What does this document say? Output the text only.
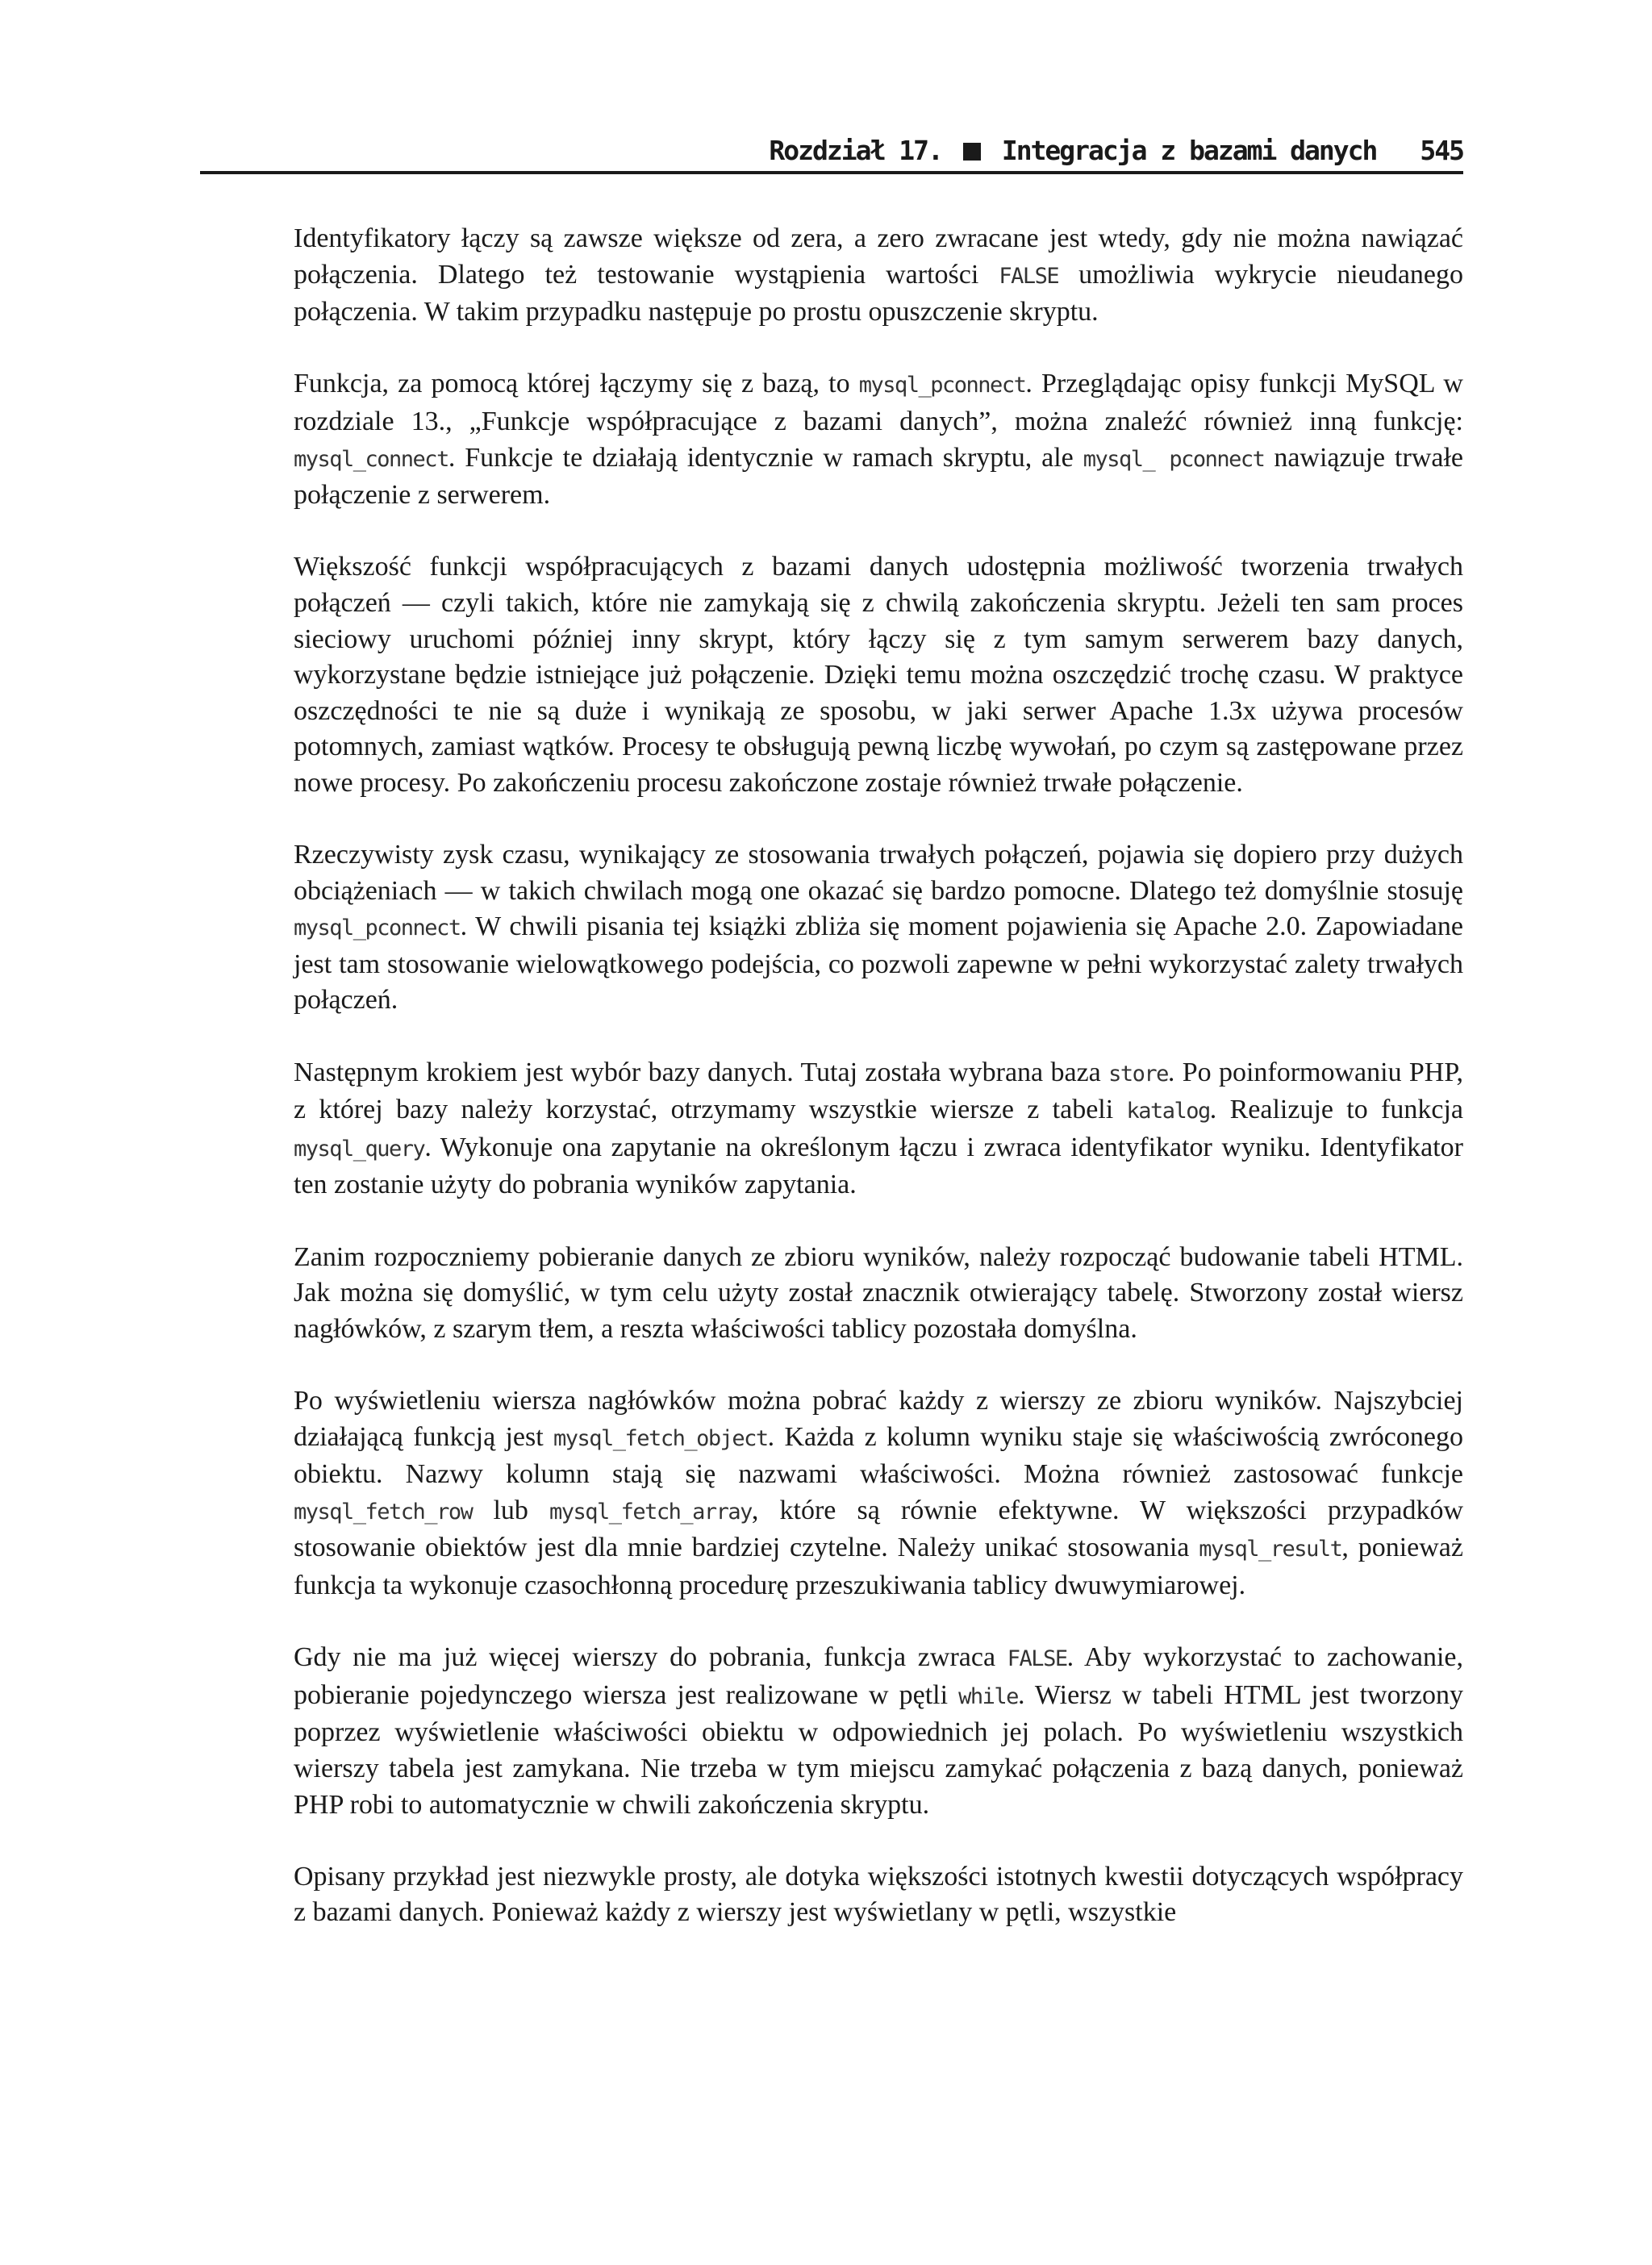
Rozdział 17. Integracja z bazami danych 545

Identyfikatory łączy są zawsze większe od zera, a zero zwracane jest wtedy, gdy nie można nawiązać połączenia. Dlatego też testowanie wystąpienia wartości FALSE umożliwia wykrycie nieudanego połączenia. W takim przypadku następuje po prostu opuszczenie skryptu.

Funkcja, za pomocą której łączymy się z bazą, to mysql_pconnect. Przeglądając opisy funkcji MySQL w rozdziale 13., „Funkcje współpracujące z bazami danych”, można znaleźć również inną funkcję: mysql_connect. Funkcje te działają identycznie w ramach skryptu, ale mysql_ pconnect nawiązuje trwałe połączenie z serwerem.

Większość funkcji współpracujących z bazami danych udostępnia możliwość tworzenia trwałych połączeń — czyli takich, które nie zamykają się z chwilą zakończenia skryptu. Jeżeli ten sam proces sieciowy uruchomi później inny skrypt, który łączy się z tym samym serwerem bazy danych, wykorzystane będzie istniejące już połączenie. Dzięki temu można oszczędzić trochę czasu. W praktyce oszczędności te nie są duże i wynikają ze sposobu, w jaki serwer Apache 1.3x używa procesów potomnych, zamiast wątków. Procesy te obsługują pewną liczbę wywołań, po czym są zastępowane przez nowe procesy. Po zakończeniu procesu zakończone zostaje również trwałe połączenie.

Rzeczywisty zysk czasu, wynikający ze stosowania trwałych połączeń, pojawia się dopiero przy dużych obciążeniach — w takich chwilach mogą one okazać się bardzo pomocne. Dlatego też domyślnie stosuję mysql_pconnect. W chwili pisania tej książki zbliża się moment pojawienia się Apache 2.0. Zapowiadane jest tam stosowanie wielowątkowego podejścia, co pozwoli zapewne w pełni wykorzystać zalety trwałych połączeń.

Następnym krokiem jest wybór bazy danych. Tutaj została wybrana baza store. Po poinformowaniu PHP, z której bazy należy korzystać, otrzymamy wszystkie wiersze z tabeli katalog. Realizuje to funkcja mysql_query. Wykonuje ona zapytanie na określonym łączu i zwraca identyfikator wyniku. Identyfikator ten zostanie użyty do pobrania wyników zapytania.

Zanim rozpoczniemy pobieranie danych ze zbioru wyników, należy rozpocząć budowanie tabeli HTML. Jak można się domyślić, w tym celu użyty został znacznik otwierający tabelę. Stworzony został wiersz nagłówków, z szarym tłem, a reszta właściwości tablicy pozostała domyślna.

Po wyświetleniu wiersza nagłówków można pobrać każdy z wierszy ze zbioru wyników. Najszybciej działającą funkcją jest mysql_fetch_object. Każda z kolumn wyniku staje się właściwością zwróconego obiektu. Nazwy kolumn stają się nazwami właściwości. Można również zastosować funkcje mysql_fetch_row lub mysql_fetch_array, które są równie efektywne. W większości przypadków stosowanie obiektów jest dla mnie bardziej czytelne. Należy unikać stosowania mysql_result, ponieważ funkcja ta wykonuje czasochłonną procedurę przeszukiwania tablicy dwuwymiarowej.

Gdy nie ma już więcej wierszy do pobrania, funkcja zwraca FALSE. Aby wykorzystać to zachowanie, pobieranie pojedynczego wiersza jest realizowane w pętli while. Wiersz w tabeli HTML jest tworzony poprzez wyświetlenie właściwości obiektu w odpowiednich jej polach. Po wyświetleniu wszystkich wierszy tabela jest zamykana. Nie trzeba w tym miejscu zamykać połączenia z bazą danych, ponieważ PHP robi to automatycznie w chwili zakończenia skryptu.

Opisany przykład jest niezwykle prosty, ale dotyka większości istotnych kwestii dotyczących współpracy z bazami danych. Ponieważ każdy z wierszy jest wyświetlany w pętli, wszystkie
